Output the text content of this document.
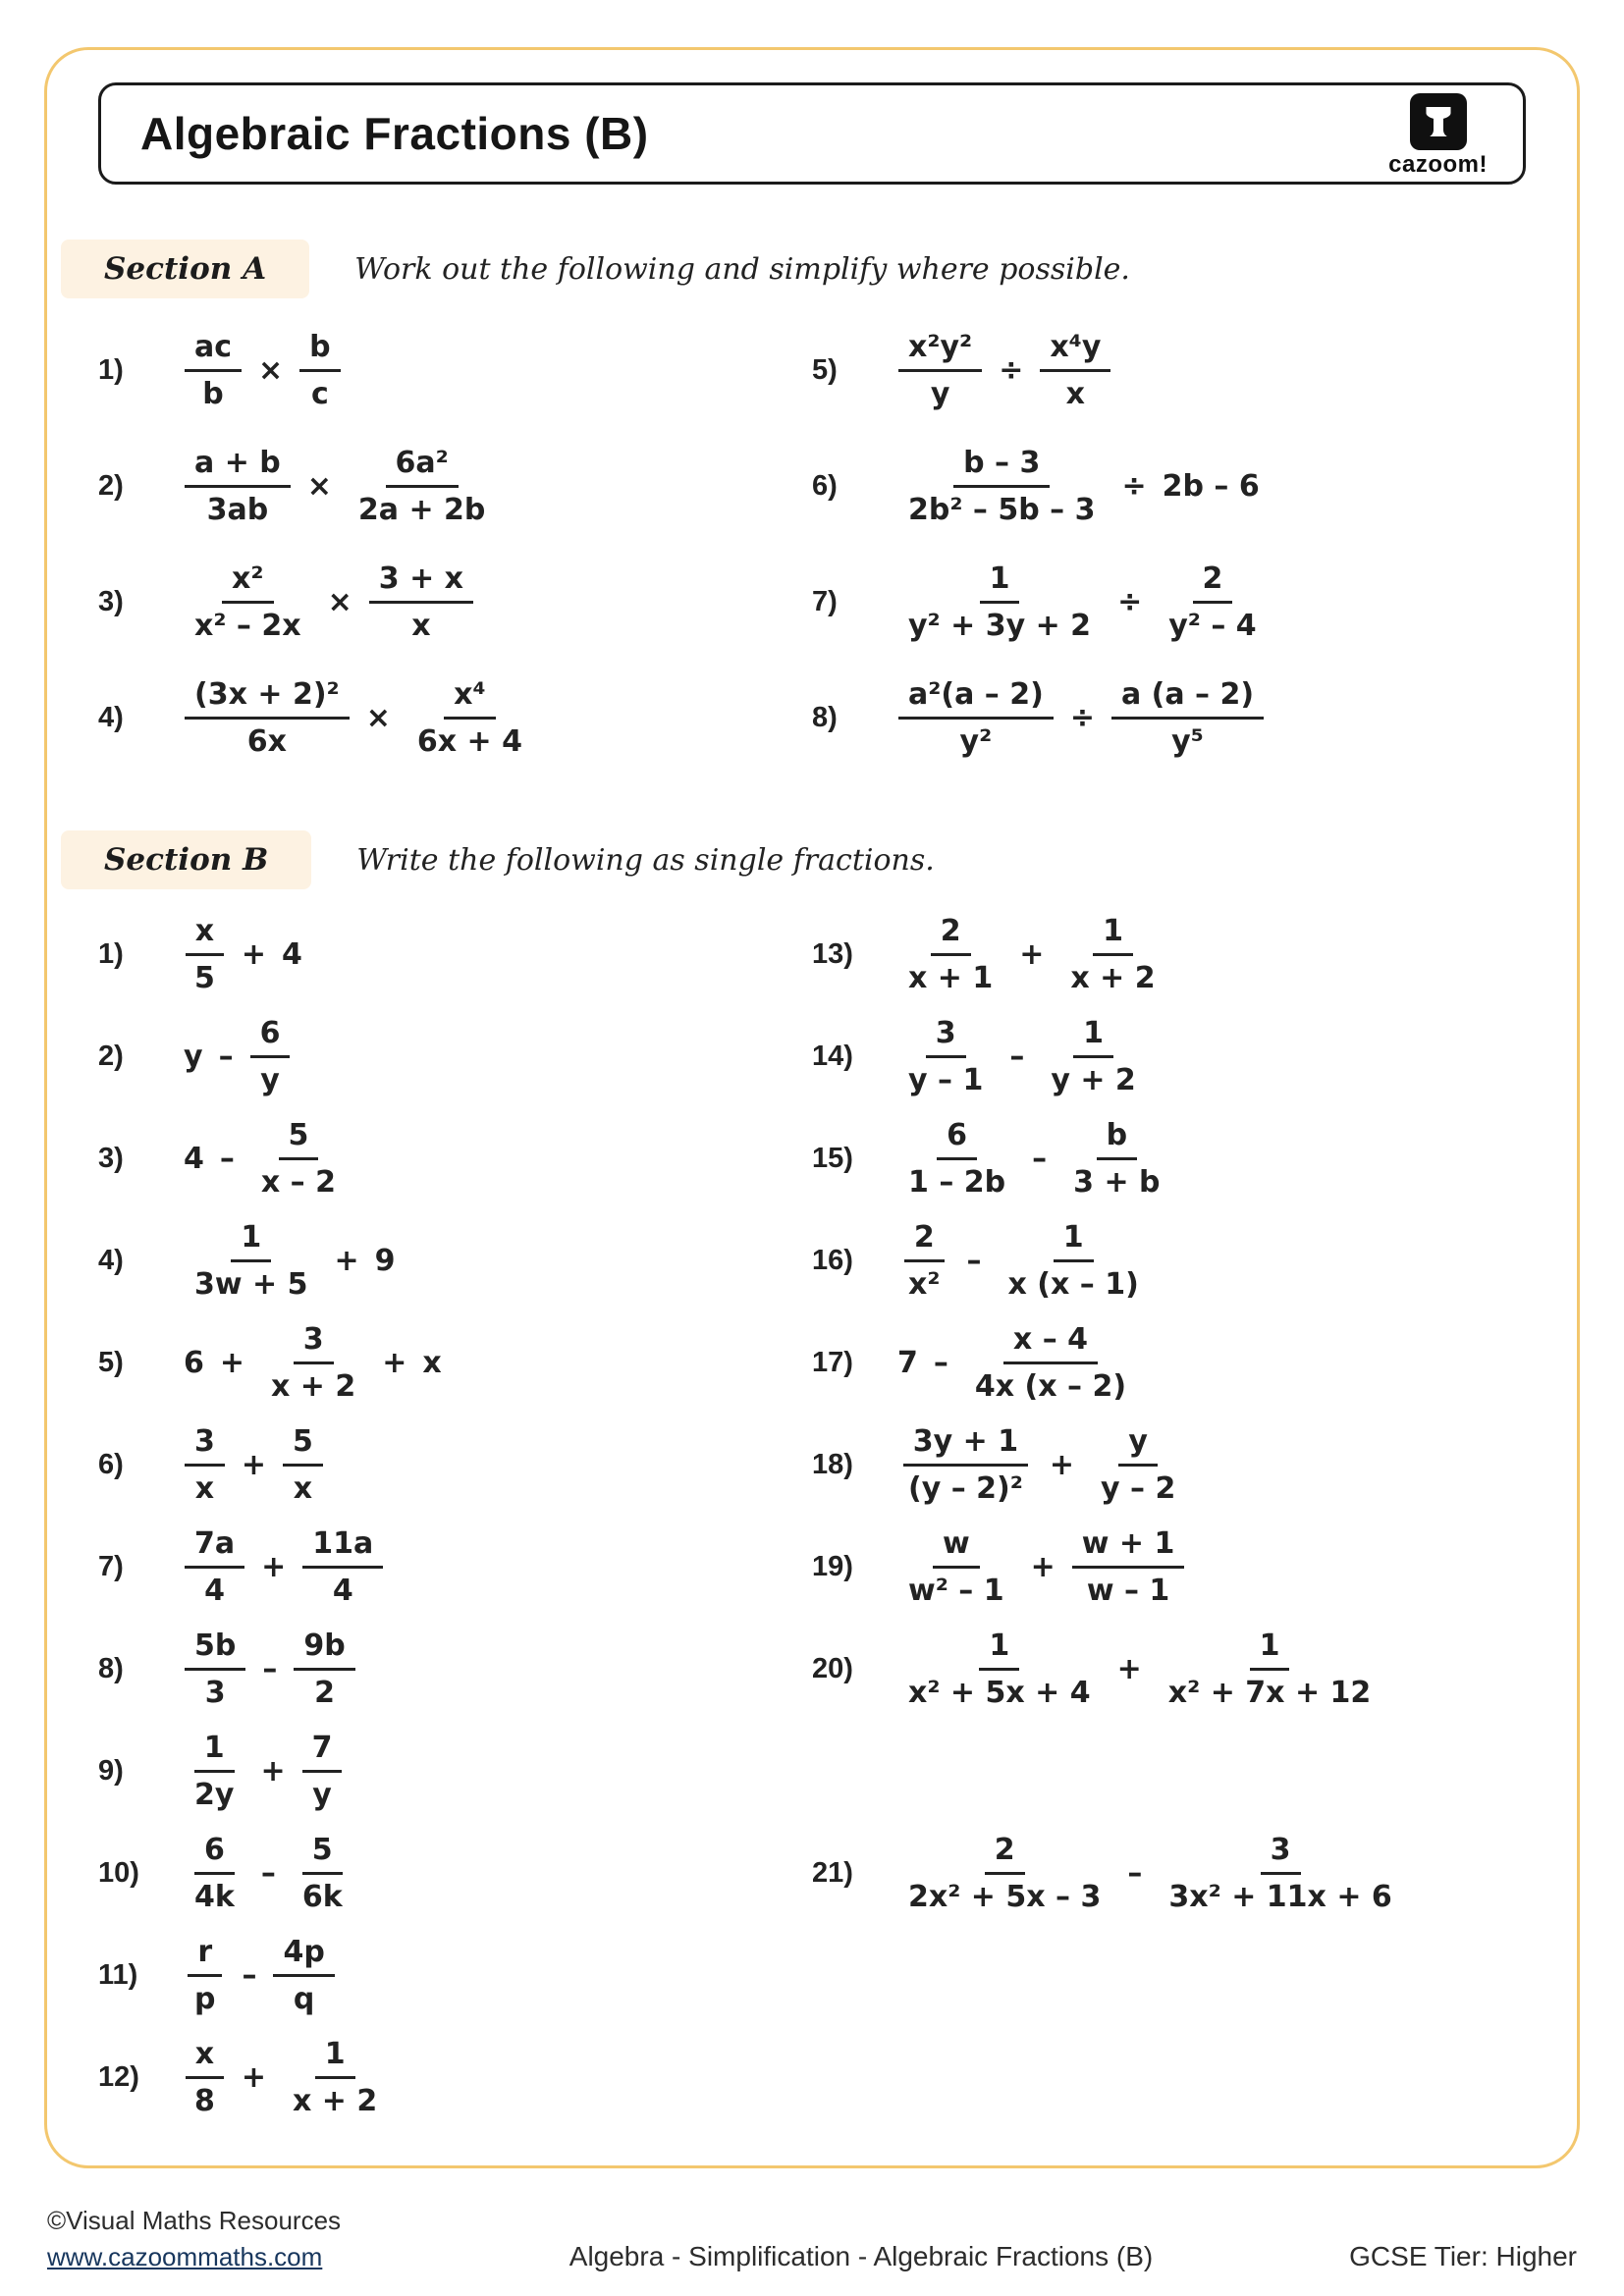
Algebraic Fractions (B)
cazoom!
Section A	Work out the following and simplify where possible.
1)	$\frac{ac}{b} \times \frac{b}{c}$
2)	$\frac{a + b}{3ab} \times \frac{\text{6a²}}{2a + 2b}$
3)	$\frac{\text{x²}}{\text{x² – 2x}} \times \frac{3 + x}{x}$
4)	$\frac{\text{(3x + 2)²}}{6x} \times \frac{\text{x⁴}}{6x + 4}$
5)	$\frac{\text{x²y²}}{y} \div \frac{\text{x⁴y}}{x}$
6)	$\frac{b - 3}{\text{2b² – 5b – 3}} \div 2b - 6$
7)	$\frac{1}{\text{y² + 3y + 2}} \div \frac{2}{\text{y² – 4}}$
8)	$\frac{\text{a²(a – 2)}}{\text{y²}} \div \frac{a (a - 2)}{\text{y⁵}}$
Section B	Write the following as single fractions.
1)	$\frac{x}{5} + 4$
2)	y – $\frac{6}{y}$
3)	$4 - \frac{5}{x - 2}$
4)	$\frac{1}{3w + 5} + 9$
5)	$6 + \frac{3}{x + 2} + x$
6)	$\frac{3}{x} + \frac{5}{x}$
7)	$\frac{7a}{4} + \frac{11a}{4}$
8)	$\frac{5b}{3} - \frac{9b}{2}$
9)	$\frac{1}{2y} + \frac{7}{y}$
10)	$\frac{6}{4k} - \frac{5}{6k}$
11)	$\frac{r}{p} - \frac{4p}{q}$
12)	$\frac{x}{8} + \frac{1}{x + 2}$
13)	$\frac{2}{x + 1} + \frac{1}{x + 2}$
14)	$\frac{3}{y - 1} - \frac{1}{y + 2}$
15)	$\frac{6}{1 - 2b} - \frac{b}{3 + b}$
16)	$\frac{2}{\text{x²}} - \frac{1}{x (x - 1)}$
17)	$7 - \frac{x - 4}{4x (x - 2)}$
18)	$\frac{3y + 1}{\text{(y – 2)²}} + \frac{y}{y - 2}$
19)	$\frac{w}{\text{w² – 1}} + \frac{w + 1}{w - 1}$
20)	$\frac{1}{\text{x² + 5x + 4}} + \frac{1}{\text{x² + 7x + 12}}$
21)	$\frac{2}{\text{2x² + 5x – 3}} - \frac{3}{\text{3x² + 11x + 6}}$
©Visual Maths Resources
www.cazoommaths.com	Algebra - Simplification - Algebraic Fractions (B)	GCSE Tier: Higher
